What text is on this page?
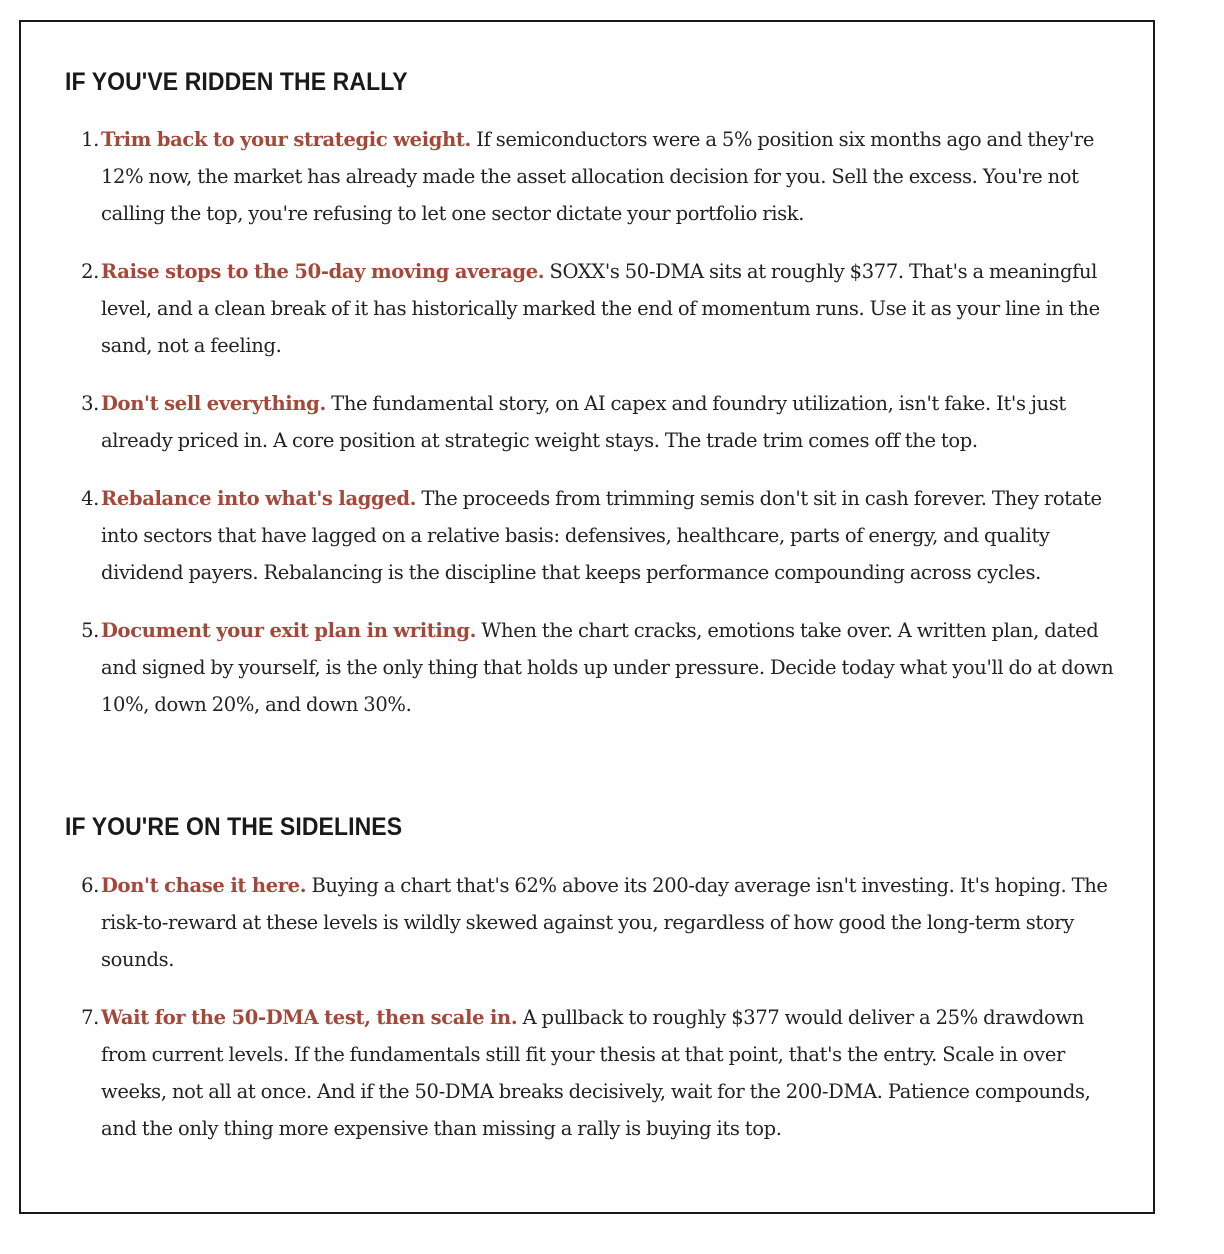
IF YOU'VE RIDDEN THE RALLY
1. Trim back to your strategic weight. If semiconductors were a 5% position six months ago and they're 12% now, the market has already made the asset allocation decision for you. Sell the excess. You're not calling the top, you're refusing to let one sector dictate your portfolio risk.
2. Raise stops to the 50-day moving average. SOXX's 50-DMA sits at roughly $377. That's a meaningful level, and a clean break of it has historically marked the end of momentum runs. Use it as your line in the sand, not a feeling.
3. Don't sell everything. The fundamental story, on AI capex and foundry utilization, isn't fake. It's just already priced in. A core position at strategic weight stays. The trade trim comes off the top.
4. Rebalance into what's lagged. The proceeds from trimming semis don't sit in cash forever. They rotate into sectors that have lagged on a relative basis: defensives, healthcare, parts of energy, and quality dividend payers. Rebalancing is the discipline that keeps performance compounding across cycles.
5. Document your exit plan in writing. When the chart cracks, emotions take over. A written plan, dated and signed by yourself, is the only thing that holds up under pressure. Decide today what you'll do at down 10%, down 20%, and down 30%.
IF YOU'RE ON THE SIDELINES
6. Don't chase it here. Buying a chart that's 62% above its 200-day average isn't investing. It's hoping. The risk-to-reward at these levels is wildly skewed against you, regardless of how good the long-term story sounds.
7. Wait for the 50-DMA test, then scale in. A pullback to roughly $377 would deliver a 25% drawdown from current levels. If the fundamentals still fit your thesis at that point, that's the entry. Scale in over weeks, not all at once. And if the 50-DMA breaks decisively, wait for the 200-DMA. Patience compounds, and the only thing more expensive than missing a rally is buying its top.
